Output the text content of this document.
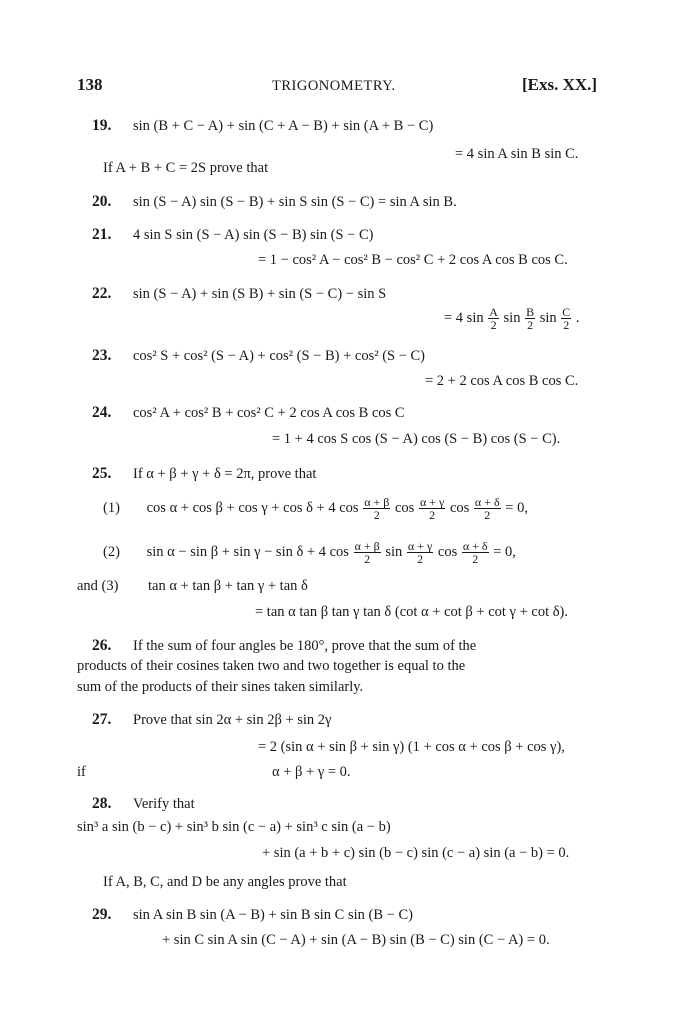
138	TRIGONOMETRY.	[Exs. XX.]
19. sin (B + C − A) + sin (C + A − B) + sin (A + B − C)
= 4 sin A sin B sin C.
If A + B + C = 2S prove that
20. sin (S − A) sin (S − B) + sin S sin (S − C) = sin A sin B.
21. 4 sin S sin (S − A) sin (S − B) sin (S − C)
= 1 − cos² A − cos² B − cos² C + 2 cos A cos B cos C.
22. sin (S − A) + sin (S B) + sin (S − C) − sin S
= 4 $\sin \frac{A}{2}$ $\sin \frac{B}{2}$ $\sin \frac{C}{2}$ .
23. cos² S + cos² (S − A) + cos² (S − B) + cos² (S − C)
= 2 + 2 cos A cos B cos C.
24. cos² A + cos² B + cos² C + 2 cos A cos B cos C
= 1 + 4 cos S cos (S − A) cos (S − B) cos (S − C).
25. If α + β + γ + δ = 2π, prove that
(1) cos α + cos β + cos γ + cos δ + 4 $\cos \frac{\alpha + \beta}{2}$ $\cos \frac{\alpha + \gamma}{2}$ $\cos \frac{\alpha + \delta}{2} = 0$,
(2) sin α − sin β + sin γ − sin δ + 4 $\cos \frac{\alpha + \beta}{2}$ $\sin \frac{\alpha + \gamma}{2}$ $\cos \frac{\alpha + \delta}{2} = 0$,
and (3) tan α + tan β + tan γ + tan δ
= tan α tan β tan γ tan δ (cot α + cot β + cot γ + cot δ).
26. If the sum of four angles be 180°, prove that the sum of the
products of their cosines taken two and two together is equal to the
sum of the products of their sines taken similarly.
27. Prove that sin 2α + sin 2β + sin 2γ
= 2 (sin α + sin β + sin γ) (1 + cos α + cos β + cos γ),
if	α + β + γ = 0.
28. Verify that
sin³ a sin (b − c) + sin³ b sin (c − a) + sin³ c sin (a − b)
+ sin (a + b + c) sin (b − c) sin (c − a) sin (a − b) = 0.
If A, B, C, and D be any angles prove that
29. sin A sin B sin (A − B) + sin B sin C sin (B − C)
+ sin C sin A sin (C − A) + sin (A − B) sin (B − C) sin (C − A) = 0.
